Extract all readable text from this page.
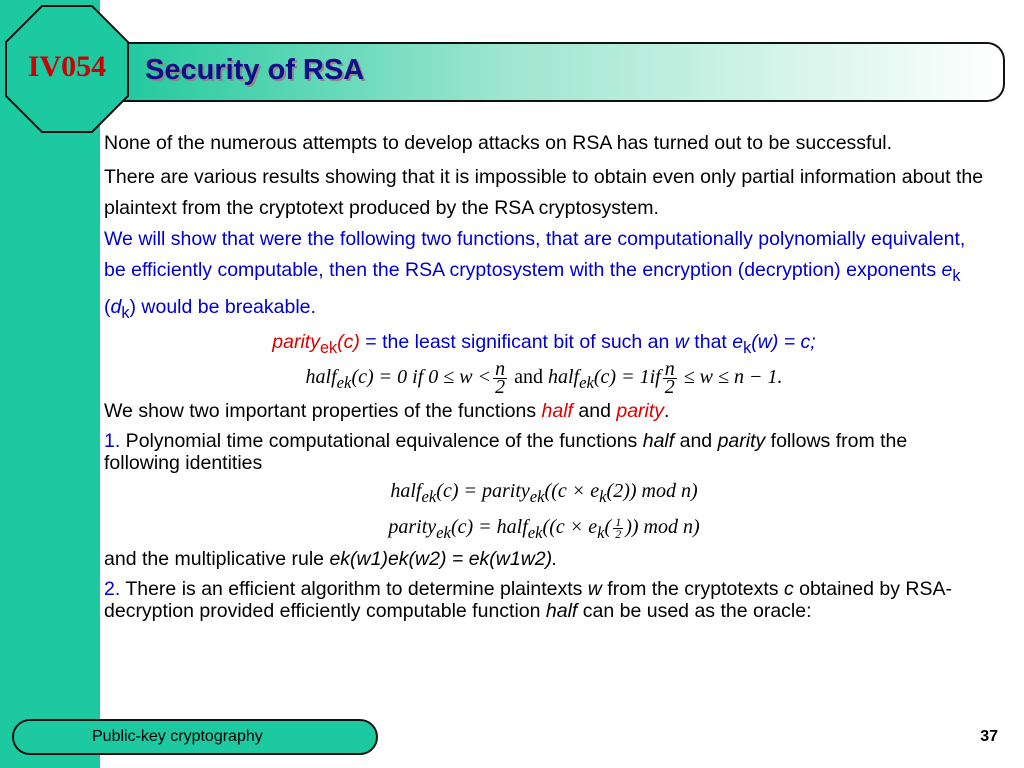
IV054	Security of RSA

None of the numerous attempts to develop attacks on RSA has turned out to be successful.

There are various results showing that it is impossible to obtain even only partial information about the plaintext from the cryptotext produced by the RSA cryptosystem.

We will show that were the following two functions, that are computationally polynomially equivalent, be efficiently computable, then the RSA cryptosystem with the encryption (decryption) exponents $e_k$ $(d_k)$ would be breakable.

parity$_{ek}$(c) = the least significant bit of such an w that $e_k(w) = c$;

half$_{ek}$(c) = 0 if $0 \le w < \frac{n}{2}$ and half$_{ek}$(c) = $1if \frac{n}{2} \le w \le n - 1$.

We show two important properties of the functions half and parity.

1. Polynomial time computational equivalence of the functions half and parity follows from the following identities

half$_{ek}$(c) = parity$_{ek}$((c × $e_k(2)$) mod n)

parity$_{ek}$(c) = half$_{ek}$((c × $e_k( \frac{1}{2}$ )) mod n)

and the multiplicative rule ek(w1)ek(w2) = ek(w1w2).

2. There is an efficient algorithm to determine plaintexts w from the cryptotexts c obtained by RSA-decryption provided efficiently computable function half can be used as the oracle:

Public-key cryptography	37
